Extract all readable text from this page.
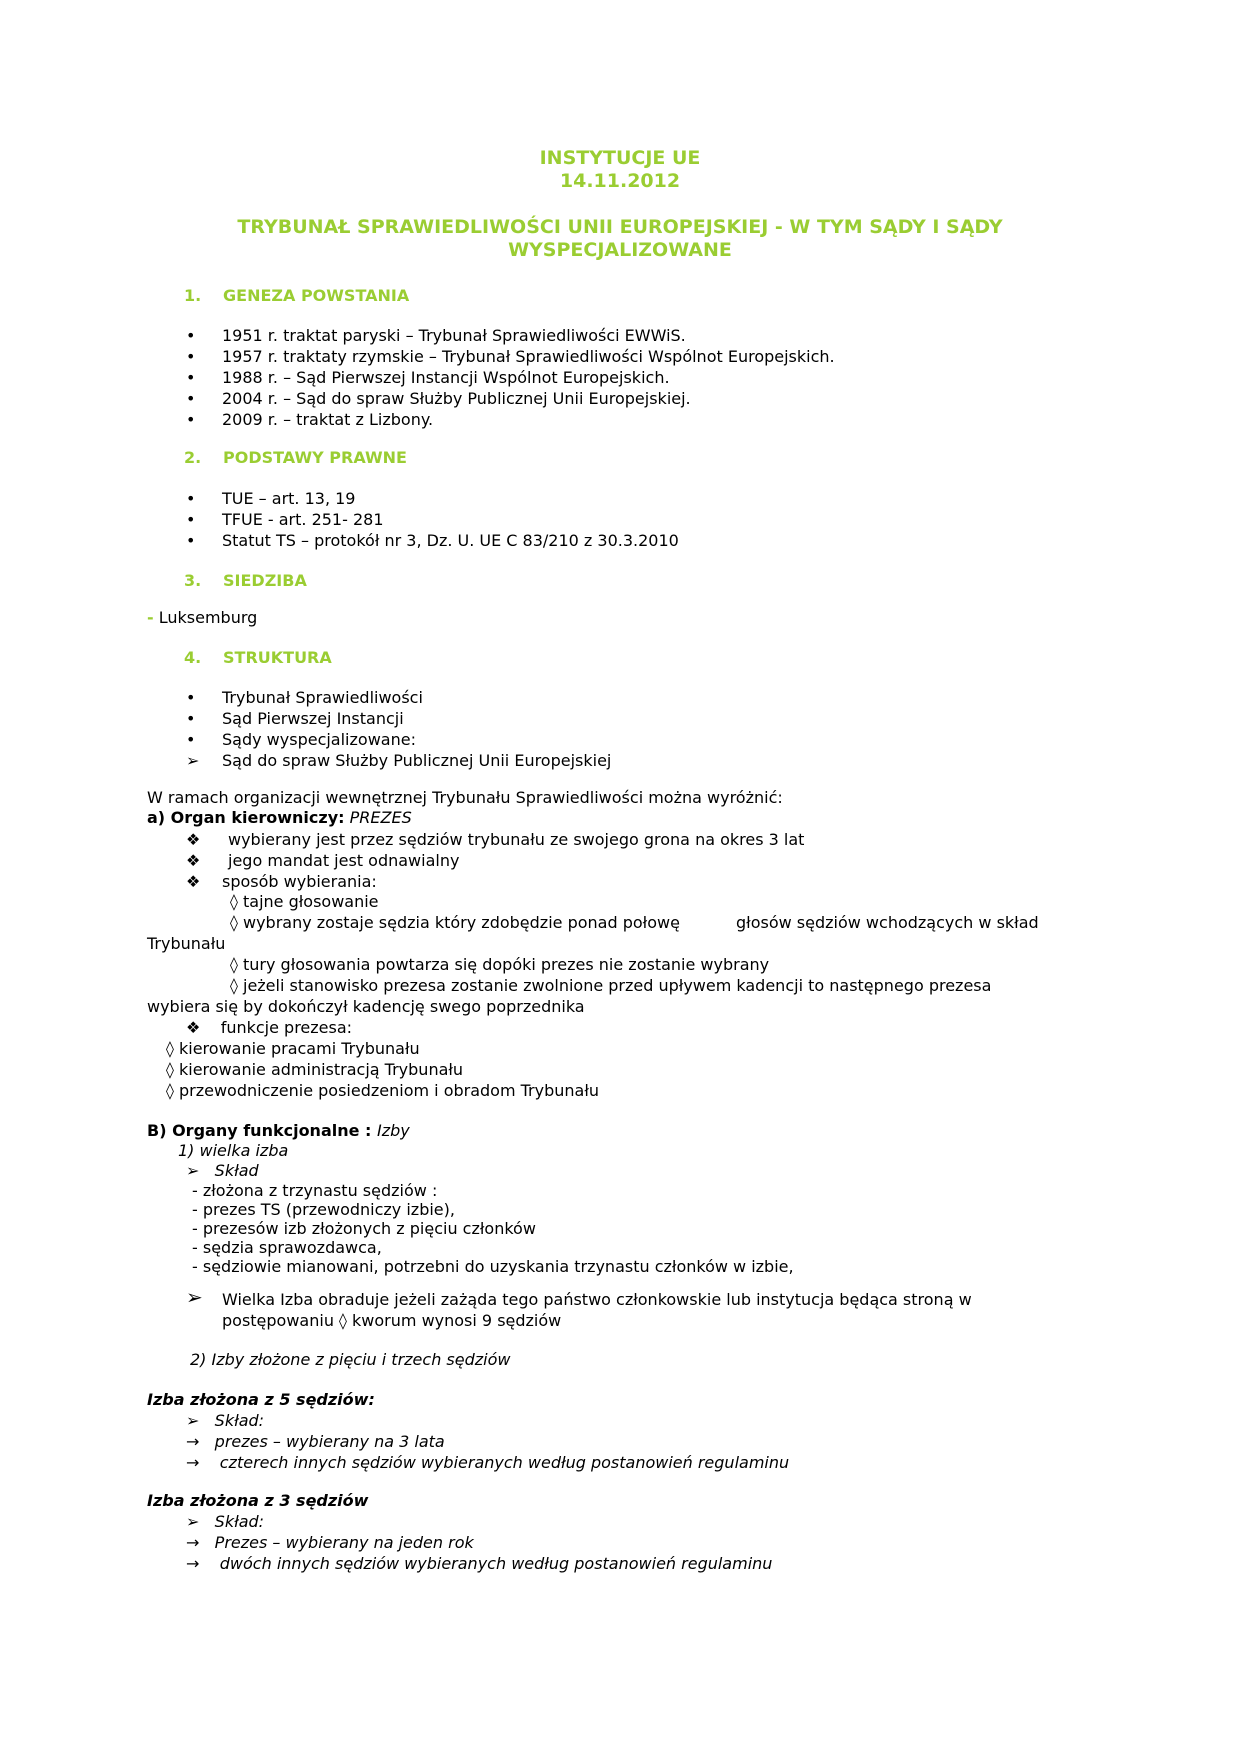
INSTYTUCJE UE
14.11.2012
TRYBUNAŁ SPRAWIEDLIWOŚCI UNII EUROPEJSKIEJ - W TYM SĄDY I SĄDY
WYSPECJALIZOWANE
1. GENEZA POWSTANIA
•	1951 r. traktat paryski – Trybunał Sprawiedliwości EWWiS.
•	1957 r. traktaty rzymskie – Trybunał Sprawiedliwości Wspólnot Europejskich.
•	1988 r. – Sąd Pierwszej Instancji Wspólnot Europejskich.
•	2004 r. – Sąd do spraw Służby Publicznej Unii Europejskiej.
•	2009 r. – traktat z Lizbony.
2. PODSTAWY PRAWNE
•	TUE – art. 13, 19
•	TFUE - art. 251- 281
•	Statut TS – protokół nr 3, Dz. U. UE C 83/210 z 30.3.2010
3. SIEDZIBA
- Luksemburg
4. STRUKTURA
•	Trybunał Sprawiedliwości
•	Sąd Pierwszej Instancji
•	Sądy wyspecjalizowane:
➢	Sąd do spraw Służby Publicznej Unii Europejskiej
W ramach organizacji wewnętrznej Trybunału Sprawiedliwości można wyróżnić:
a) Organ kierowniczy: PREZES
❖	wybierany jest przez sędziów trybunału ze swojego grona na okres 3 lat
❖	jego mandat jest odnawialny
❖	sposób wybierania:
◊ tajne głosowanie
◊ wybrany zostaje sędzia który zdobędzie ponad połowę	głosów sędziów wchodzących w skład
Trybunału
◊ tury głosowania powtarza się dopóki prezes nie zostanie wybrany
◊ jeżeli stanowisko prezesa zostanie zwolnione przed upływem kadencji to następnego prezesa
wybiera się by dokończył kadencję swego poprzednika
❖ funkcje prezesa:
◊ kierowanie pracami Trybunału
◊ kierowanie administracją Trybunału
◊ przewodniczenie posiedzeniom i obradom Trybunału
B) Organy funkcjonalne : Izby
1) wielka izba
➢ Skład
- złożona z trzynastu sędziów :
- prezes TS (przewodniczy izbie),
- prezesów izb złożonych z pięciu członków
- sędzia sprawozdawca,
- sędziowie mianowani, potrzebni do uzyskania trzynastu członków w izbie,
➢ Wielka Izba obraduje jeżeli zażąda tego państwo członkowskie lub instytucja będąca stroną w
postępowaniu ◊ kworum wynosi 9 sędziów
2) Izby złożone z pięciu i trzech sędziów
Izba złożona z 5 sędziów:
➢ Skład:
→ prezes – wybierany na 3 lata
→    czterech innych sędziów wybieranych według postanowień regulaminu
Izba złożona z 3 sędziów
➢ Skład:
→ Prezes – wybierany na jeden rok
→    dwóch innych sędziów wybieranych według postanowień regulaminu
